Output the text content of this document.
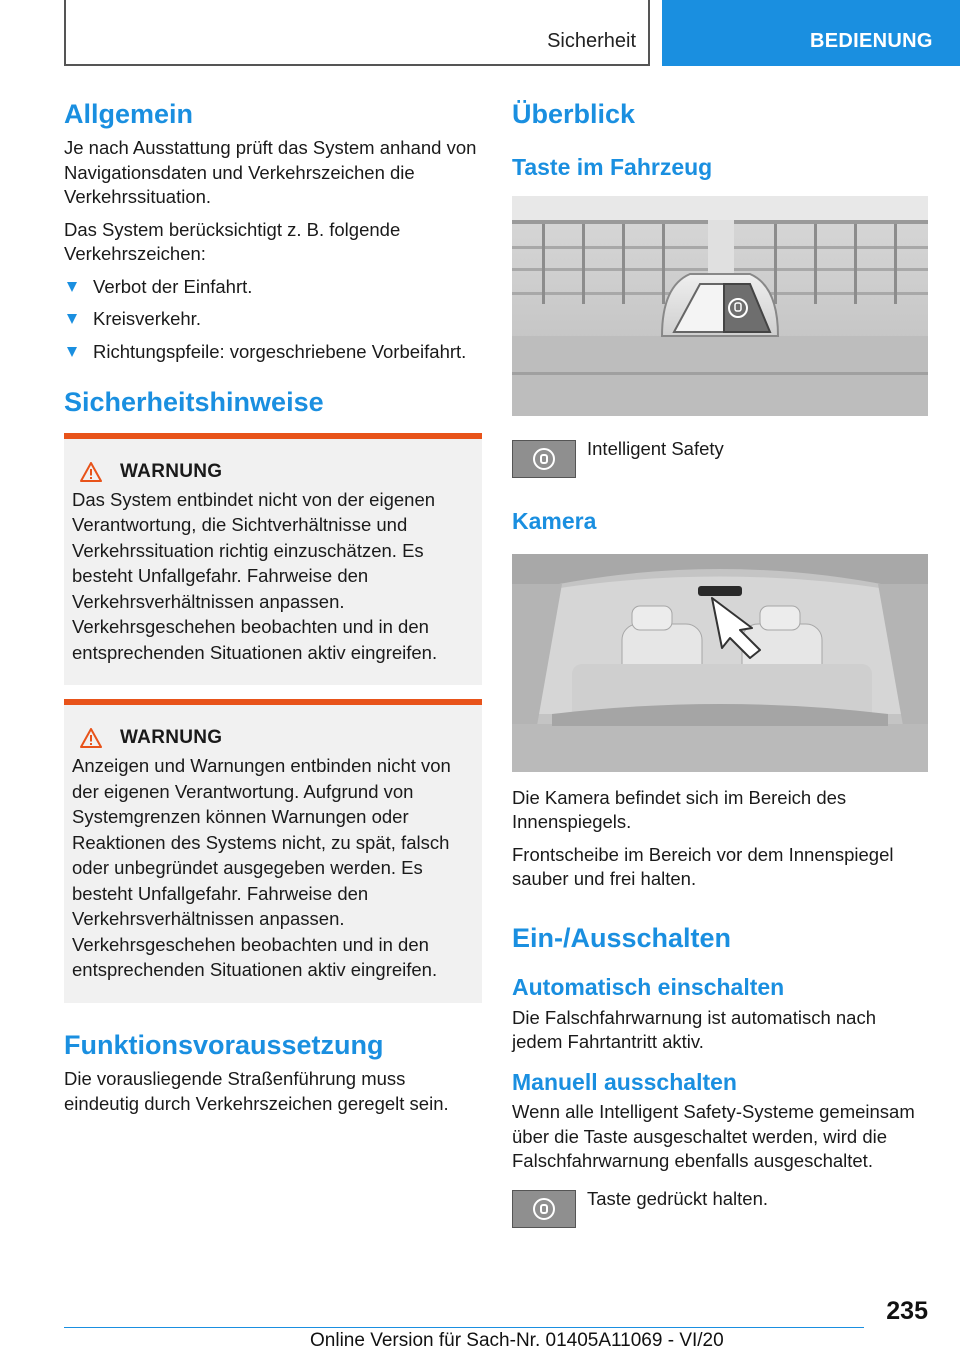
Sicherheit	BEDIENUNG
Allgemein

Je nach Ausstattung prüft das System anhand von Navigationsdaten und Verkehrszeichen die Verkehrssituation.

Das System berücksichtigt z. B. folgende Verkehrszeichen:

Verbot der Einfahrt.
Kreisverkehr.
Richtungspfeile: vorgeschriebene Vorbeifahrt.
Sicherheitshinweise
WARNUNG

Das System entbindet nicht von der eigenen Verantwortung, die Sichtverhältnisse und Verkehrssituation richtig einzuschätzen. Es besteht Unfallgefahr. Fahrweise den Verkehrsverhältnissen anpassen. Verkehrsgeschehen beobachten und in den entsprechenden Situationen aktiv eingreifen.

WARNUNG

Anzeigen und Warnungen entbinden nicht von der eigenen Verantwortung. Aufgrund von Systemgrenzen können Warnungen oder Reaktionen des Systems nicht, zu spät, falsch oder unbegründet ausgegeben werden. Es besteht Unfallgefahr. Fahrweise den Verkehrsverhältnissen anpassen. Verkehrsgeschehen beobachten und in den entsprechenden Situationen aktiv eingreifen.

Funktionsvoraussetzung

Die vorausliegende Straßenführung muss eindeutig durch Verkehrszeichen geregelt sein.

Überblick
Taste im Fahrzeug

Intelligent Safety

Kamera

Die Kamera befindet sich im Bereich des Innenspiegels.

Frontscheibe im Bereich vor dem Innenspiegel sauber und frei halten.

Ein-/Ausschalten
Automatisch einschalten

Die Falschfahrwarnung ist automatisch nach jedem Fahrtantritt aktiv.

Manuell ausschalten

Wenn alle Intelligent Safety-Systeme gemeinsam über die Taste ausgeschaltet werden, wird die Falschfahrwarnung ebenfalls ausgeschaltet.

Taste gedrückt halten.

235
Online Version für Sach-Nr. 01405A11069 - VI/20
